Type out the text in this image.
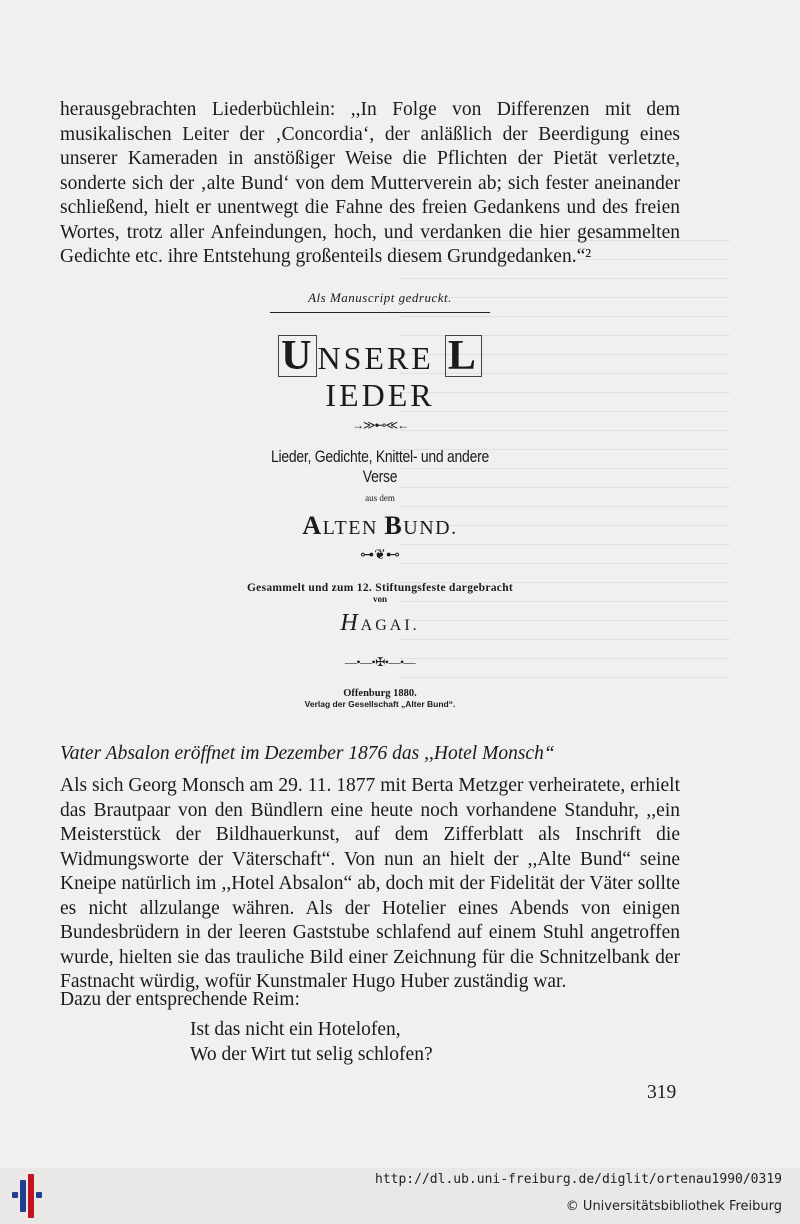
herausgebrachten Liederbüchlein: ,,In Folge von Differenzen mit dem musikalischen Leiter der ‚Concordia‘, der anläßlich der Beerdigung eines unserer Kameraden in anstößiger Weise die Pflichten der Pietät verletzte, sonderte sich der ‚alte Bund‘ von dem Mutterverein ab; sich fester aneinander schließend, hielt er unentwegt die Fahne des freien Gedankens und des freien Wortes, trotz aller Anfeindungen, hoch, und verdanken die hier gesammelten Gedichte etc. ihre Entstehung großenteils diesem Grundgedanken.“²

Als Manuscript gedruckt.
UNSERE LIEDER
→≫⊷≪←
Lieder, Gedichte, Knittel- und andere Verse
aus dem
ALTEN BUND.
⊶❦⊷
Gesammelt und zum 12. Stiftungsfeste dargebracht
von
HAGAI.
—•—•✠•—•—
Offenburg 1880.
Verlag der Gesellschaft „Alter Bund“.

Vater Absalon eröffnet im Dezember 1876 das ,,Hotel Monsch“

Als sich Georg Monsch am 29. 11. 1877 mit Berta Metzger verheiratete, erhielt das Brautpaar von den Bündlern eine heute noch vorhandene Standuhr, ,,ein Meisterstück der Bildhauerkunst, auf dem Zifferblatt als Inschrift die Widmungsworte der Väterschaft“. Von nun an hielt der ,,Alte Bund“ seine Kneipe natürlich im ,,Hotel Absalon“ ab, doch mit der Fidelität der Väter sollte es nicht allzulange währen. Als der Hotelier eines Abends von einigen Bundesbrüdern in der leeren Gaststube schlafend auf einem Stuhl angetroffen wurde, hielten sie das trauliche Bild einer Zeichnung für die Schnitzelbank der Fastnacht würdig, wofür Kunstmaler Hugo Huber zuständig war.

Dazu der entsprechende Reim:

Ist das nicht ein Hotelofen,
Wo der Wirt tut selig schlofen?
319
http://dl.ub.uni-freiburg.de/diglit/ortenau1990/0319
© Universitätsbibliothek Freiburg
